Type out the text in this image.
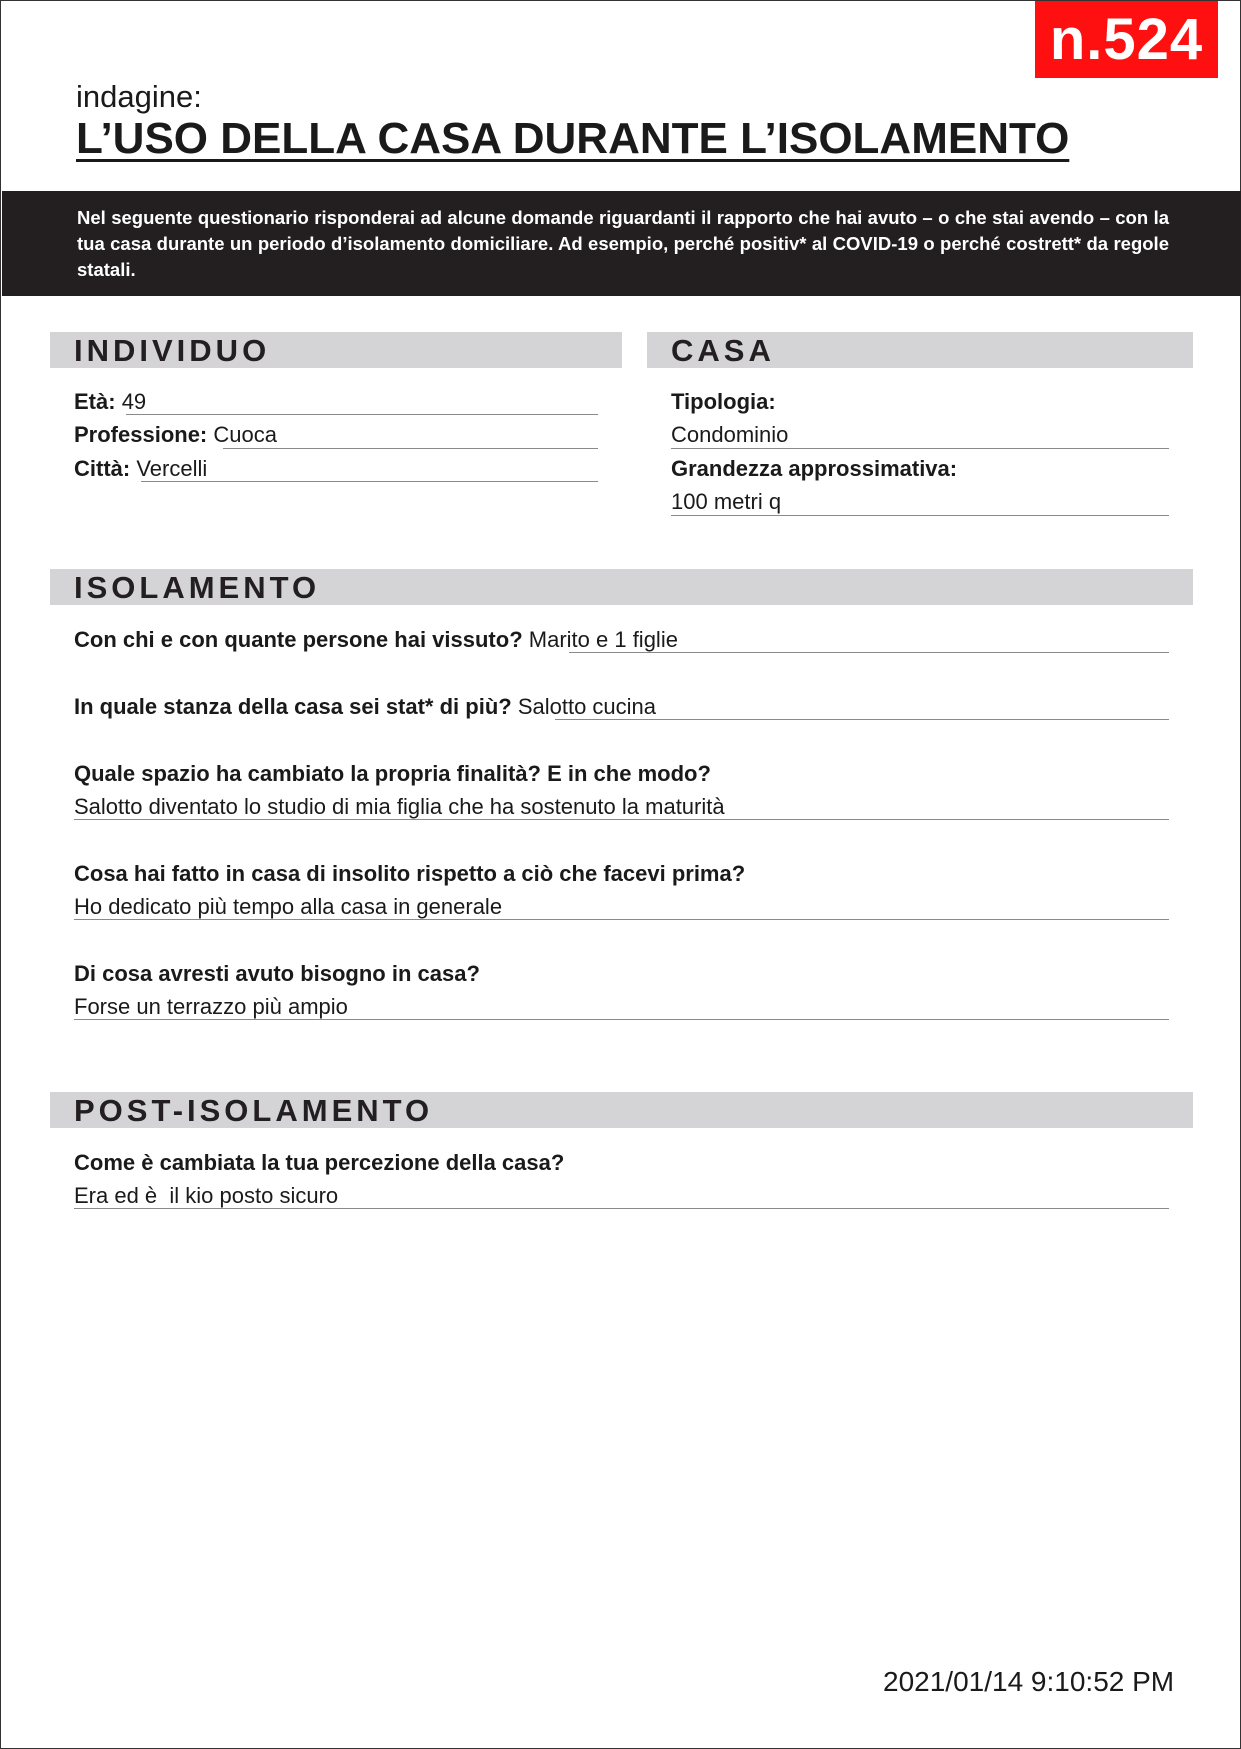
n.524
indagine:
L’USO DELLA CASA DURANTE L’ISOLAMENTO
Nel seguente questionario risponderai ad alcune domande riguardanti il rapporto che hai avuto – o che stai avendo – con la tua casa durante un periodo d’isolamento domiciliare. Ad esempio, perché positiv* al COVID-19 o perché costrett* da regole statali.
INDIVIDUO
Età: 49
Professione: Cuoca
Città: Vercelli
CASA
Tipologia:
Condominio
Grandezza approssimativa:
100 metri q
ISOLAMENTO
Con chi e con quante persone hai vissuto? Marito e 1 figlie
In quale stanza della casa sei stat* di più? Salotto cucina
Quale spazio ha cambiato la propria finalità? E in che modo?
Salotto diventato lo studio di mia figlia che ha sostenuto la maturità
Cosa hai fatto in casa di insolito rispetto a ciò che facevi prima?
Ho dedicato più tempo alla casa in generale
Di cosa avresti avuto bisogno in casa?
Forse un terrazzo più ampio
POST-ISOLAMENTO
Come è cambiata la tua percezione della casa?
Era ed è  il kio posto sicuro
2021/01/14 9:10:52 PM
